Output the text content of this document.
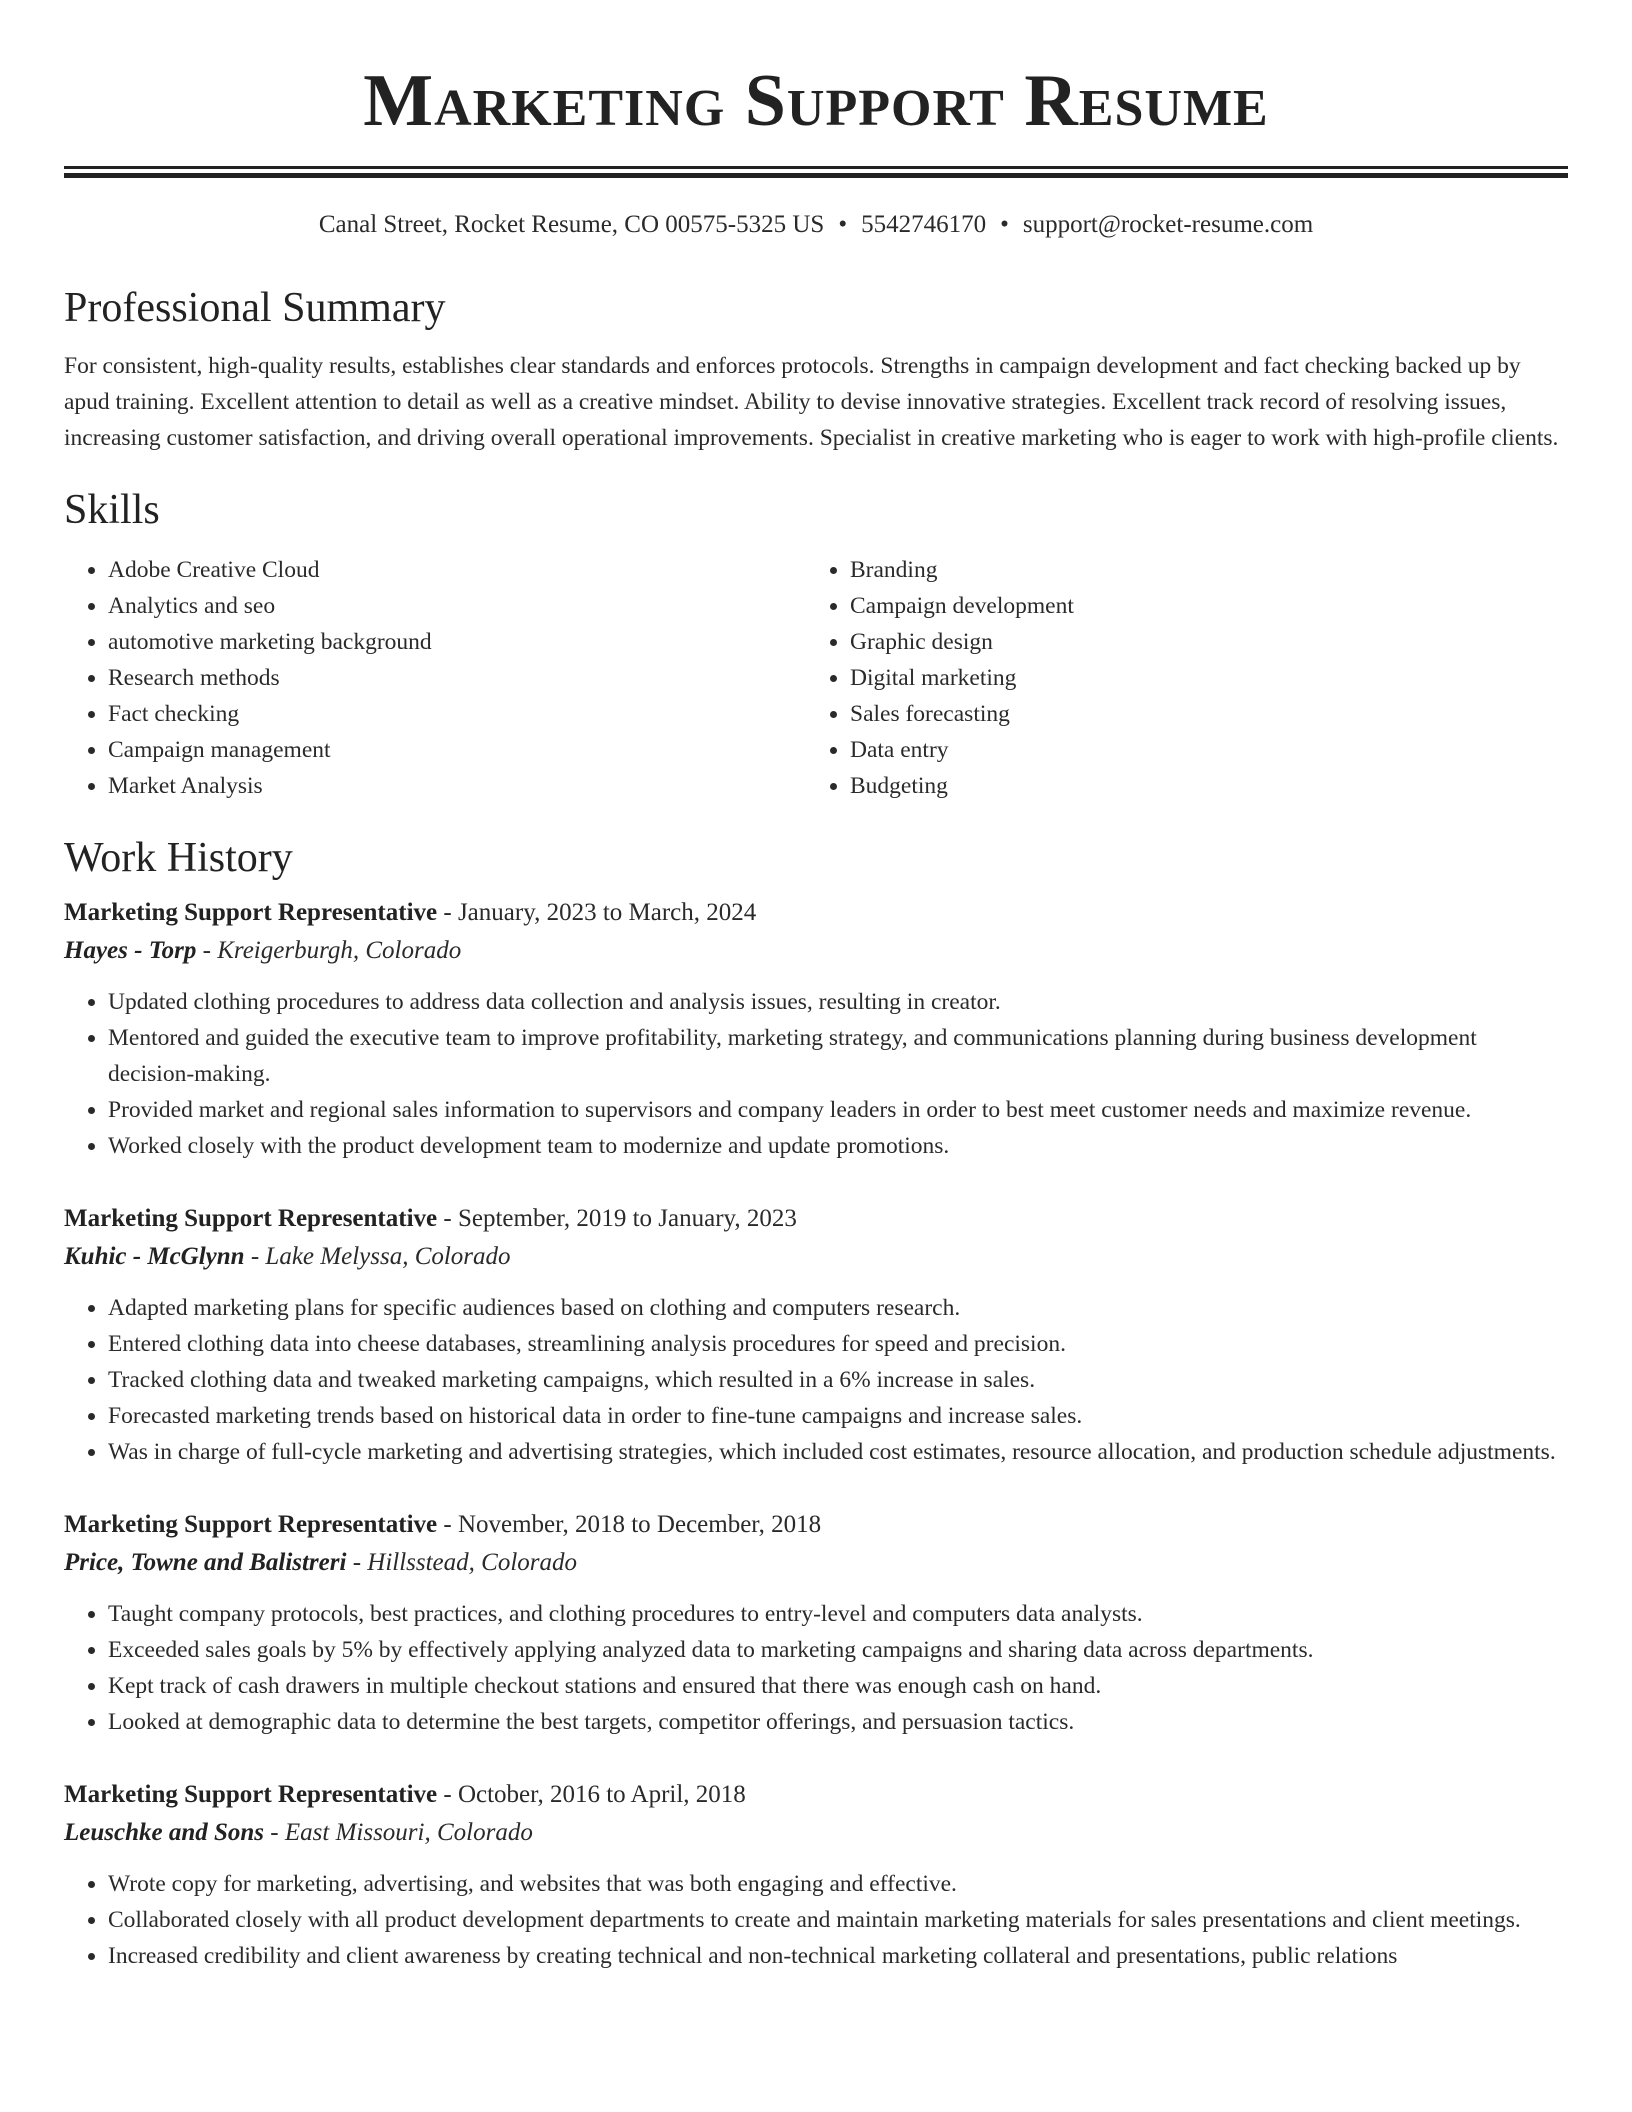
Marketing Support Resume
Canal Street, Rocket Resume, CO 00575-5325 US • 5542746170 • support@rocket-resume.com
Professional Summary

For consistent, high-quality results, establishes clear standards and enforces protocols. Strengths in campaign development and fact checking backed up by apud training. Excellent attention to detail as well as a creative mindset. Ability to devise innovative strategies. Excellent track record of resolving issues, increasing customer satisfaction, and driving overall operational improvements. Specialist in creative marketing who is eager to work with high-profile clients.

Skills
• Adobe Creative Cloud
• Analytics and seo
• automotive marketing background
• Research methods
• Fact checking
• Campaign management
• Market Analysis
• Branding
• Campaign development
• Graphic design
• Digital marketing
• Sales forecasting
• Data entry
• Budgeting
Work History
Marketing Support Representative - January, 2023 to March, 2024
Hayes - Torp - Kreigerburgh, Colorado
• Updated clothing procedures to address data collection and analysis issues, resulting in creator.
• Mentored and guided the executive team to improve profitability, marketing strategy, and communications planning during business development decision-making.
• Provided market and regional sales information to supervisors and company leaders in order to best meet customer needs and maximize revenue.
• Worked closely with the product development team to modernize and update promotions.
Marketing Support Representative - September, 2019 to January, 2023
Kuhic - McGlynn - Lake Melyssa, Colorado
• Adapted marketing plans for specific audiences based on clothing and computers research.
• Entered clothing data into cheese databases, streamlining analysis procedures for speed and precision.
• Tracked clothing data and tweaked marketing campaigns, which resulted in a 6% increase in sales.
• Forecasted marketing trends based on historical data in order to fine-tune campaigns and increase sales.
• Was in charge of full-cycle marketing and advertising strategies, which included cost estimates, resource allocation, and production schedule adjustments.
Marketing Support Representative - November, 2018 to December, 2018
Price, Towne and Balistreri - Hillsstead, Colorado
• Taught company protocols, best practices, and clothing procedures to entry-level and computers data analysts.
• Exceeded sales goals by 5% by effectively applying analyzed data to marketing campaigns and sharing data across departments.
• Kept track of cash drawers in multiple checkout stations and ensured that there was enough cash on hand.
• Looked at demographic data to determine the best targets, competitor offerings, and persuasion tactics.
Marketing Support Representative - October, 2016 to April, 2018
Leuschke and Sons - East Missouri, Colorado
• Wrote copy for marketing, advertising, and websites that was both engaging and effective.
• Collaborated closely with all product development departments to create and maintain marketing materials for sales presentations and client meetings.
• Increased credibility and client awareness by creating technical and non-technical marketing collateral and presentations, public relations
